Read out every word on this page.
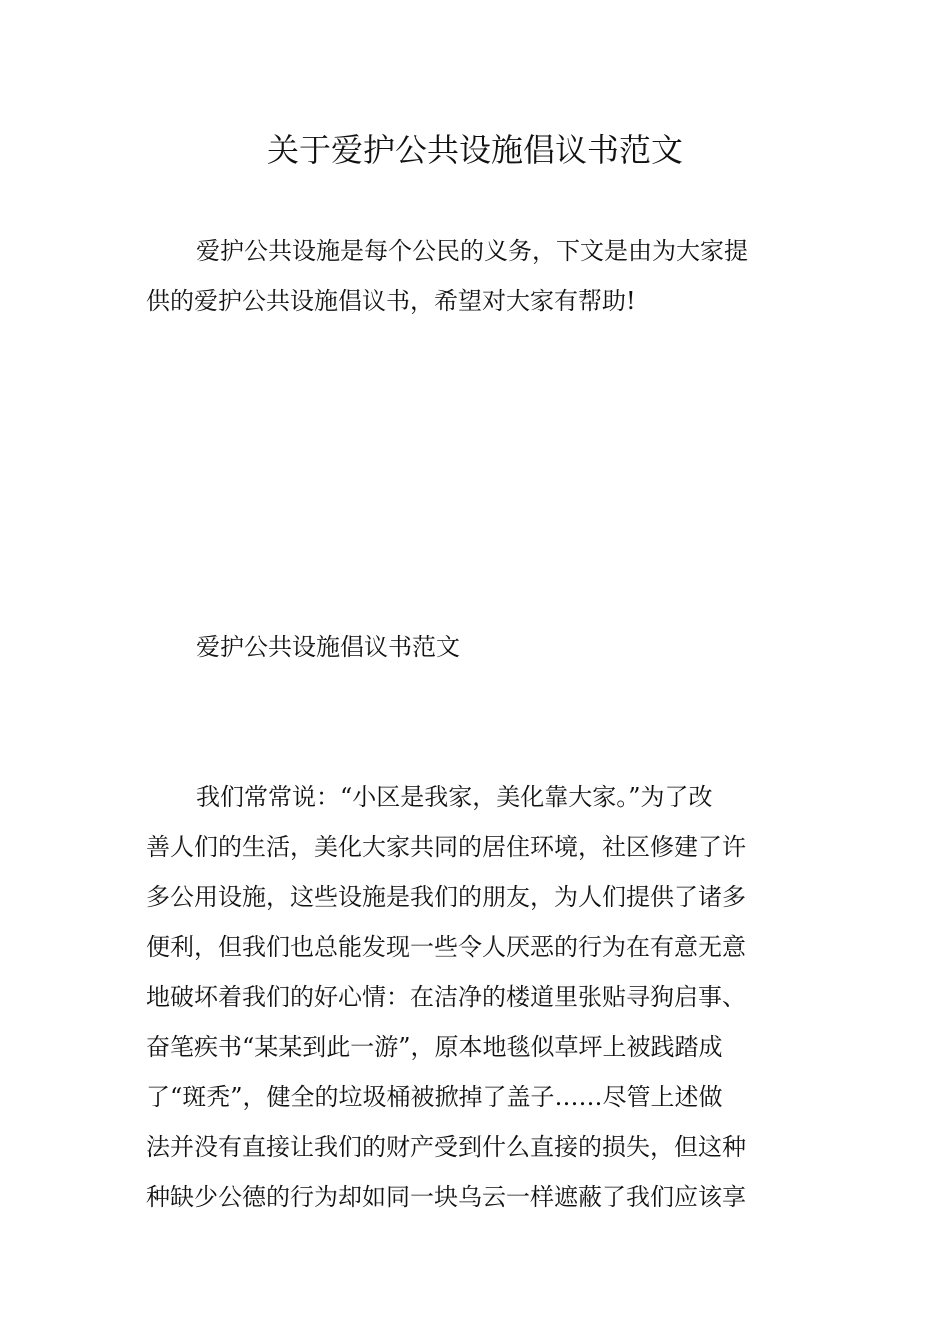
关于爱护公共设施倡议书范文
爱护公共设施是每个公民的义务，下文是由为大家提
供的爱护公共设施倡议书，希望对大家有帮助!
爱护公共设施倡议书范文
我们常常说：“小区是我家，美化靠大家。”为了改
善人们的生活，美化大家共同的居住环境，社区修建了许
多公用设施，这些设施是我们的朋友，为人们提供了诸多
便利，但我们也总能发现一些令人厌恶的行为在有意无意
地破坏着我们的好心情：在洁净的楼道里张贴寻狗启事、
奋笔疾书“某某到此一游”，原本地毯似草坪上被践踏成
了“斑秃”，健全的垃圾桶被掀掉了盖子……尽管上述做
法并没有直接让我们的财产受到什么直接的损失，但这种
种缺少公德的行为却如同一块乌云一样遮蔽了我们应该享
